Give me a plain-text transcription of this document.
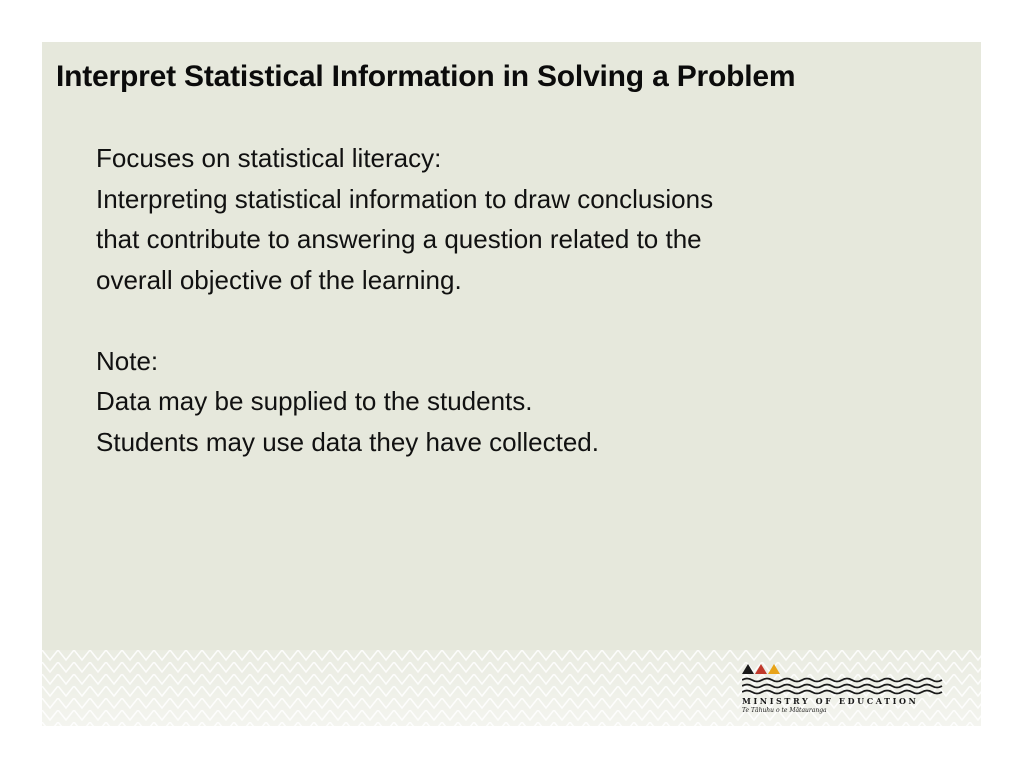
Interpret Statistical Information in Solving a Problem
Focuses on statistical literacy:
Interpreting statistical information to draw conclusions
that contribute to answering a question related to the
overall objective of the learning.
Note:
Data may be supplied to the students.
Students may use data they have collected.
MINISTRY OF EDUCATION
Te Tāhuhu o te Mātauranga
